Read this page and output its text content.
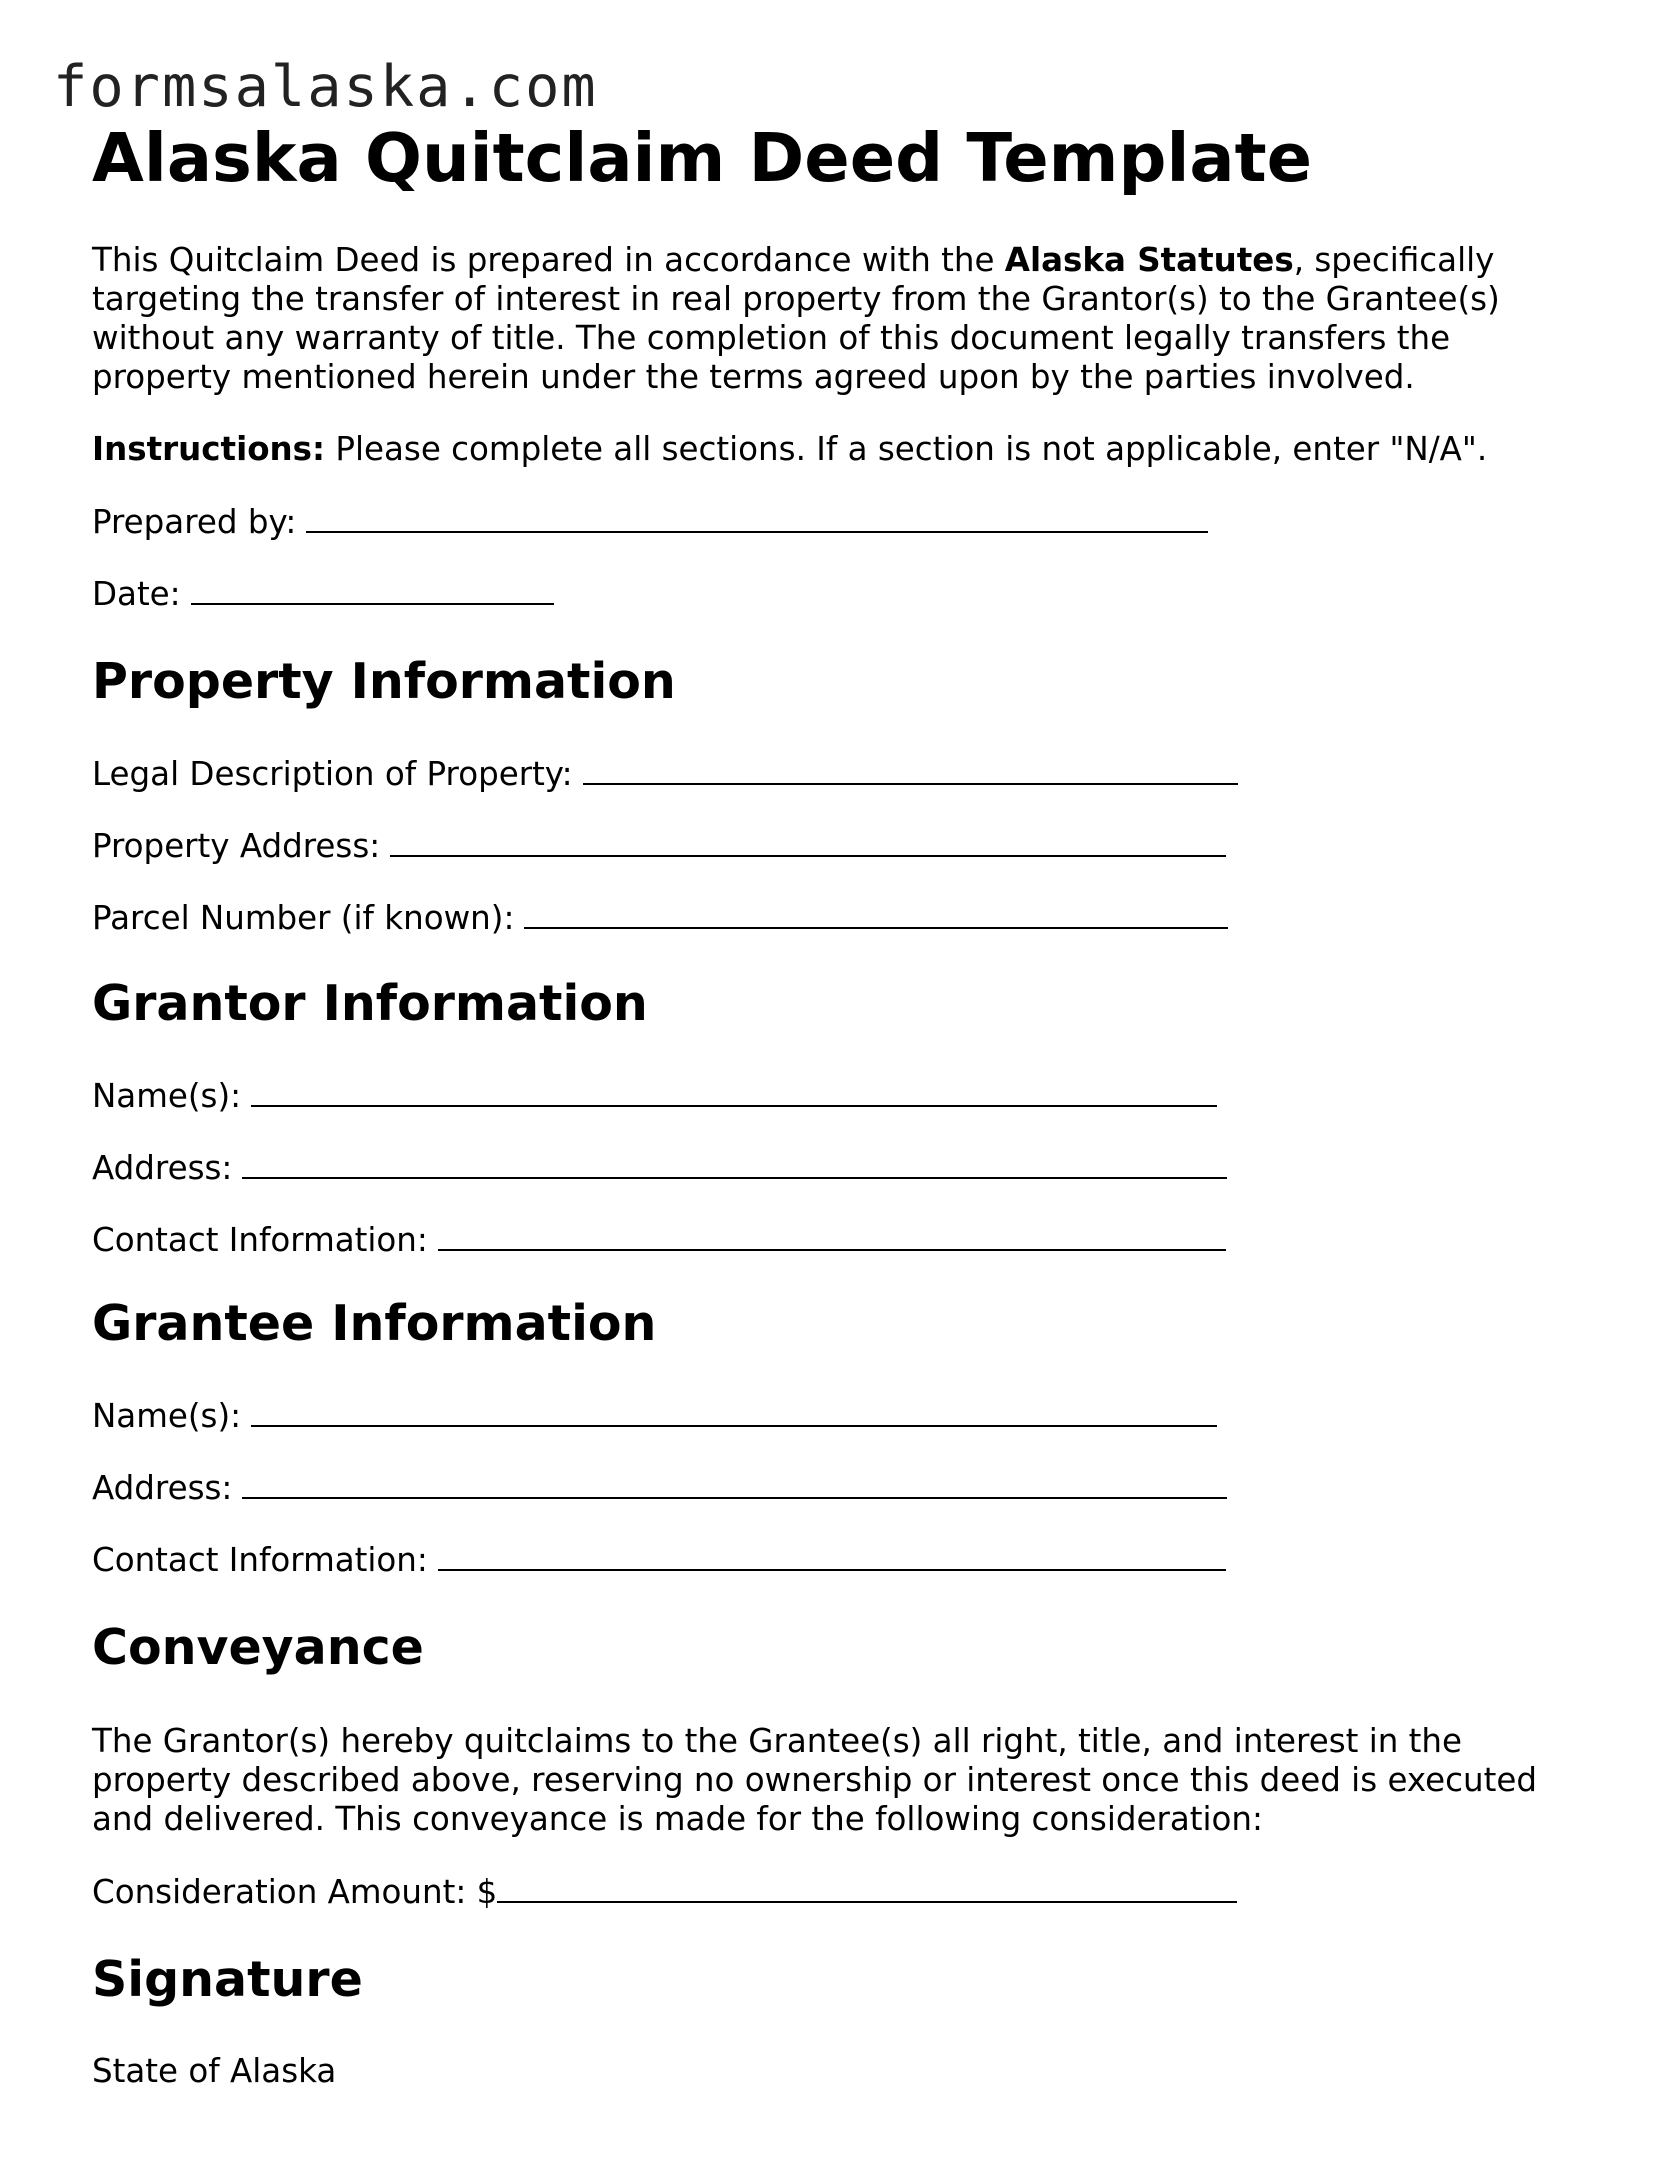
formsalaska.com
Alaska Quitclaim Deed Template

This Quitclaim Deed is prepared in accordance with the Alaska Statutes, specifically

targeting the transfer of interest in real property from the Grantor(s) to the Grantee(s)

without any warranty of title. The completion of this document legally transfers the

property mentioned herein under the terms agreed upon by the parties involved.

Instructions: Please complete all sections. If a section is not applicable, enter "N/A".

Prepared by:

Date:

Property Information

Legal Description of Property:

Property Address:

Parcel Number (if known):

Grantor Information

Name(s):

Address:

Contact Information:

Grantee Information

Name(s):

Address:

Contact Information:

Conveyance

The Grantor(s) hereby quitclaims to the Grantee(s) all right, title, and interest in the

property described above, reserving no ownership or interest once this deed is executed

and delivered. This conveyance is made for the following consideration:

Consideration Amount: $

Signature

State of Alaska
